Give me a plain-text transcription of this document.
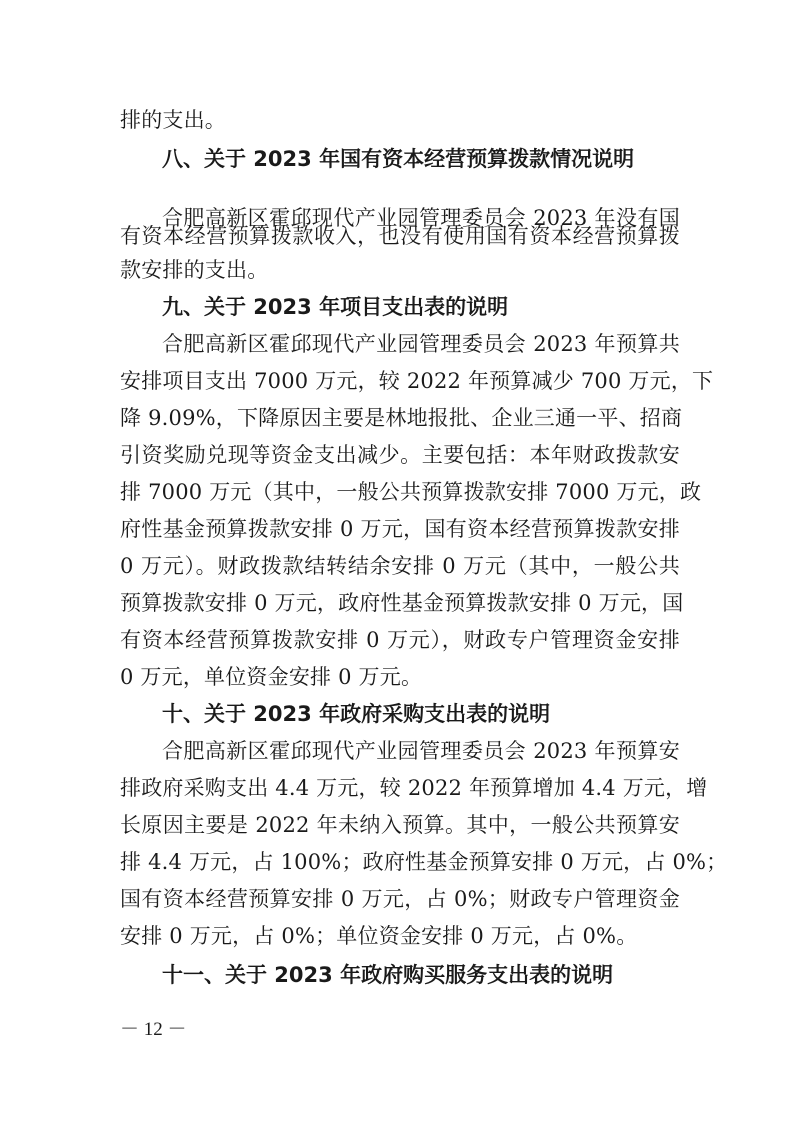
排的支出。
八、关于 2023 年国有资本经营预算拨款情况说明
合肥高新区霍邱现代产业园管理委员会 2023 年没有国
有资本经营预算拨款收入，也没有使用国有资本经营预算拨
款安排的支出。
九、关于 2023 年项目支出表的说明
合肥高新区霍邱现代产业园管理委员会 2023 年预算共
安排项目支出 7000 万元，较 2022 年预算减少 700 万元，下
降 9.09%，下降原因主要是林地报批、企业三通一平、招商
引资奖励兑现等资金支出减少。主要包括：本年财政拨款安
排 7000 万元（其中，一般公共预算拨款安排 7000 万元，政
府性基金预算拨款安排 0 万元，国有资本经营预算拨款安排
0 万元）。财政拨款结转结余安排 0 万元（其中，一般公共
预算拨款安排 0 万元，政府性基金预算拨款安排 0 万元，国
有资本经营预算拨款安排 0 万元），财政专户管理资金安排
0 万元，单位资金安排 0 万元。
十、关于 2023 年政府采购支出表的说明
合肥高新区霍邱现代产业园管理委员会 2023 年预算安
排政府采购支出 4.4 万元，较 2022 年预算增加 4.4 万元，增
长原因主要是 2022 年未纳入预算。其中，一般公共预算安
排 4.4 万元，占 100%；政府性基金预算安排 0 万元，占 0%；
国有资本经营预算安排 0 万元，占 0%；财政专户管理资金
安排 0 万元，占 0%；单位资金安排 0 万元，占 0%。
十一、关于 2023 年政府购买服务支出表的说明
－ 12 －
